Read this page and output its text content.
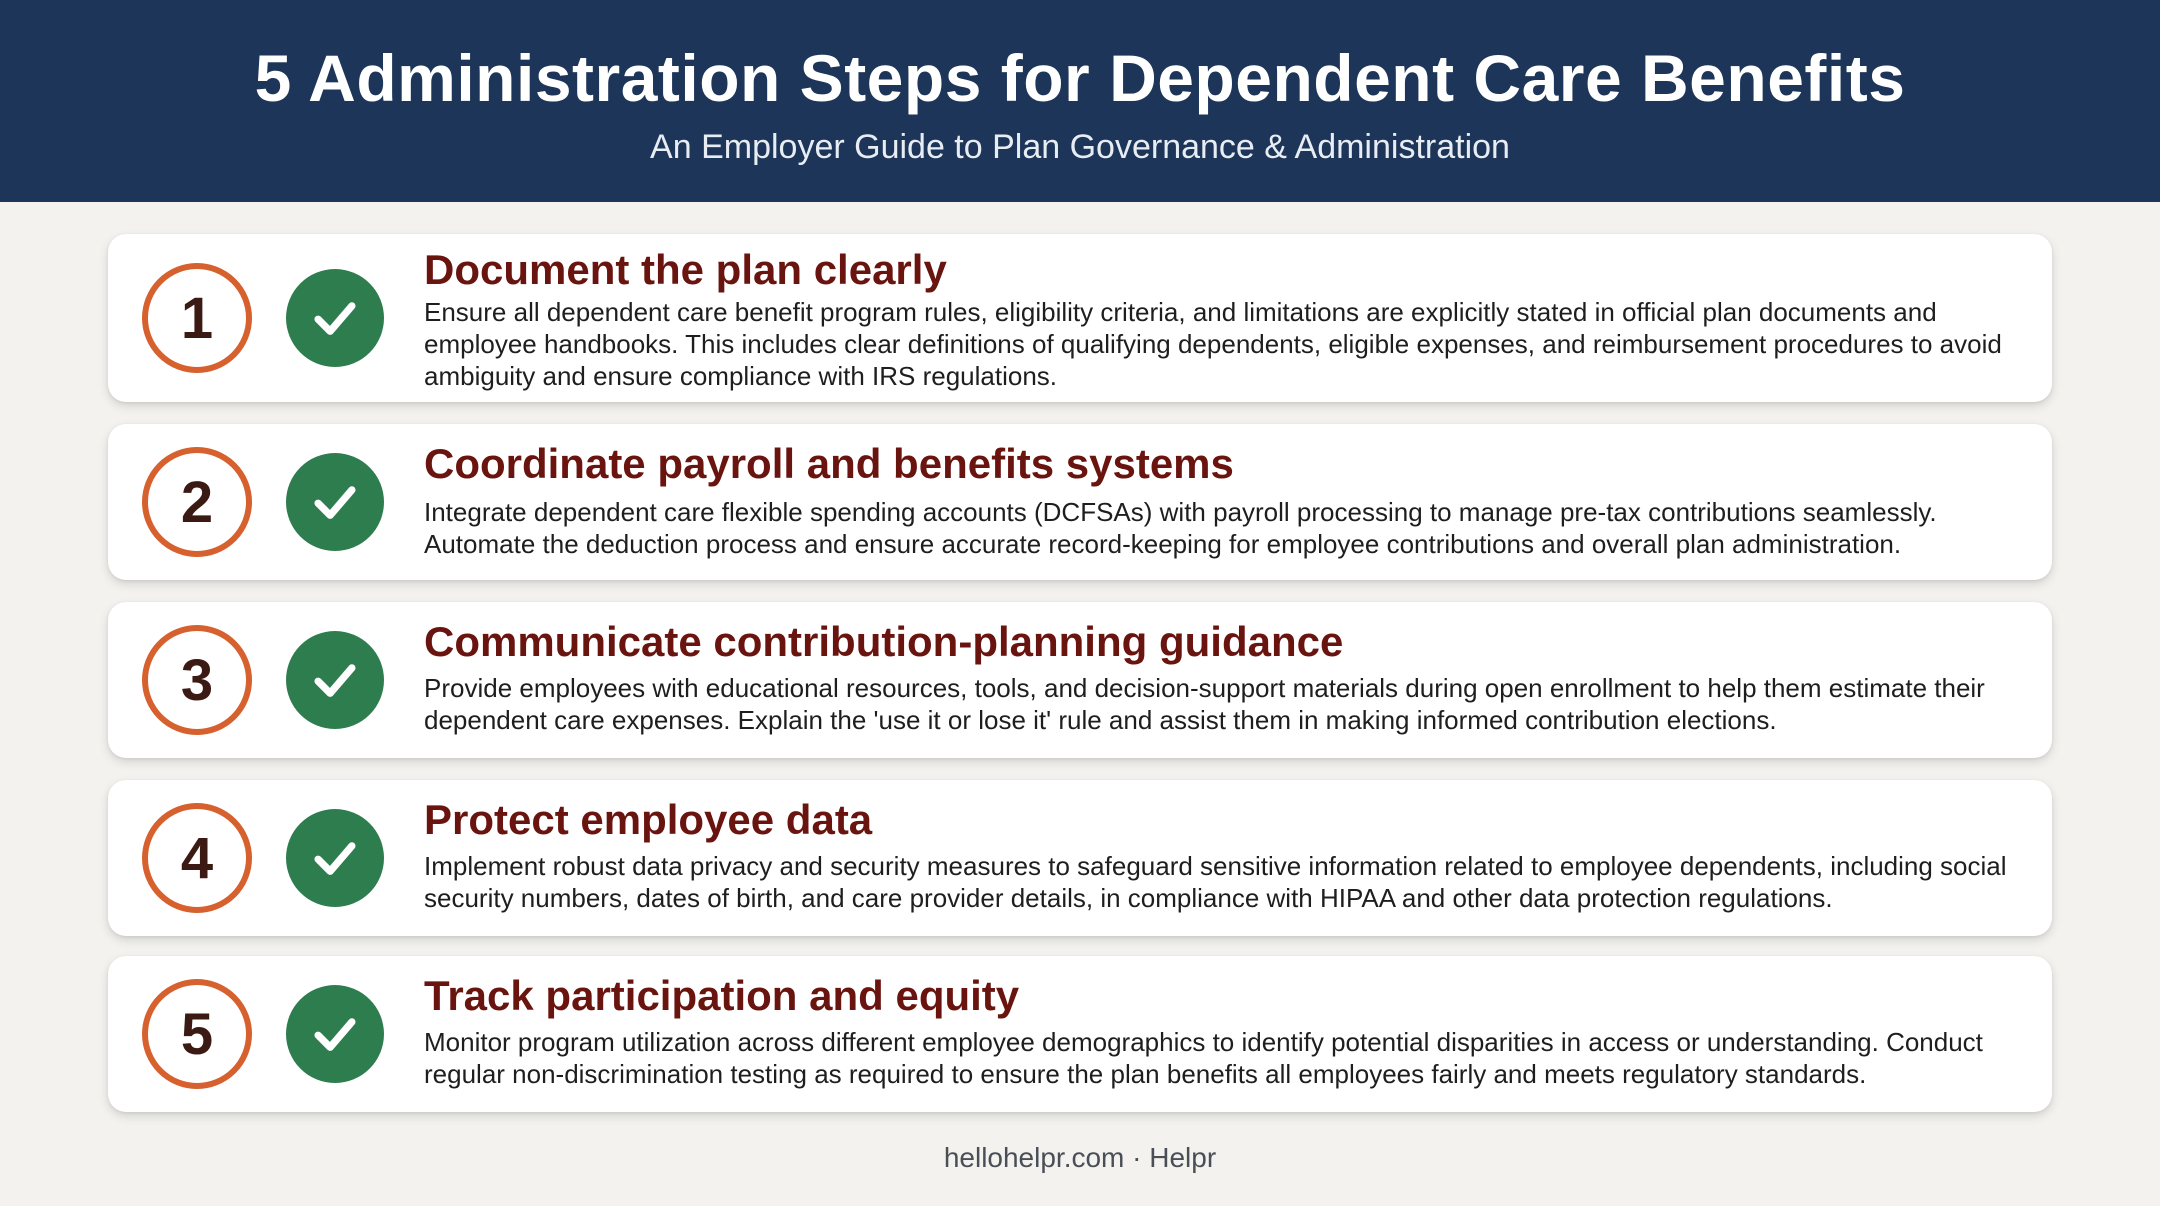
5 Administration Steps for Dependent Care Benefits
An Employer Guide to Plan Governance & Administration
1
Document the plan clearly
Ensure all dependent care benefit program rules, eligibility criteria, and limitations are explicitly stated in official plan documents and employee handbooks. This includes clear definitions of qualifying dependents, eligible expenses, and reimbursement procedures to avoid ambiguity and ensure compliance with IRS regulations.
2
Coordinate payroll and benefits systems
Integrate dependent care flexible spending accounts (DCFSAs) with payroll processing to manage pre-tax contributions seamlessly. Automate the deduction process and ensure accurate record-keeping for employee contributions and overall plan administration.
3
Communicate contribution-planning guidance
Provide employees with educational resources, tools, and decision-support materials during open enrollment to help them estimate their dependent care expenses. Explain the 'use it or lose it' rule and assist them in making informed contribution elections.
4
Protect employee data
Implement robust data privacy and security measures to safeguard sensitive information related to employee dependents, including social security numbers, dates of birth, and care provider details, in compliance with HIPAA and other data protection regulations.
5
Track participation and equity
Monitor program utilization across different employee demographics to identify potential disparities in access or understanding. Conduct regular non-discrimination testing as required to ensure the plan benefits all employees fairly and meets regulatory standards.
hellohelpr.com · Helpr
